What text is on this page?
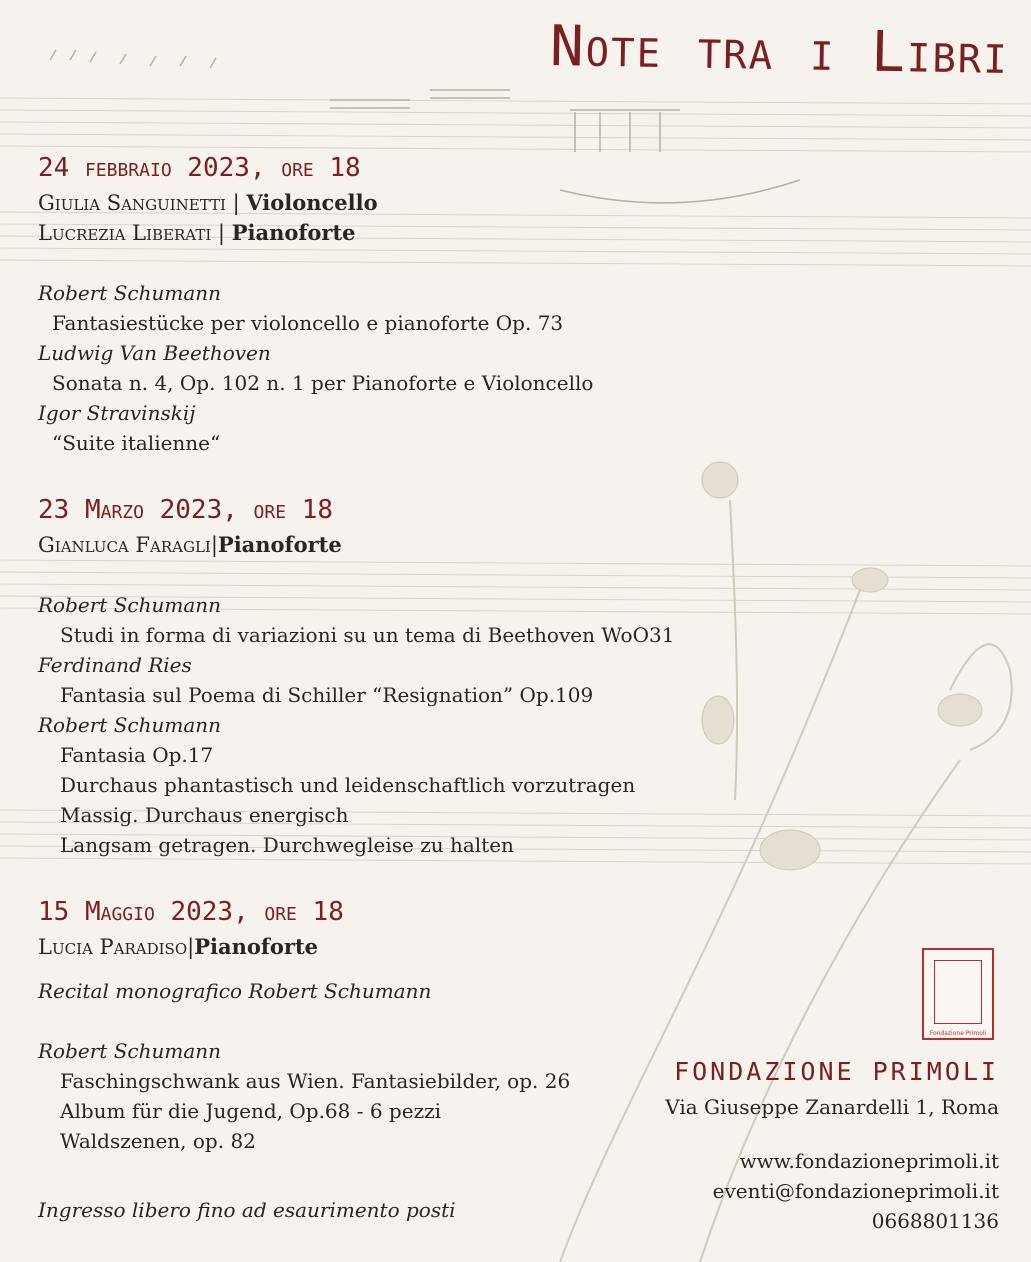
Note tra i Libri
24 febbraio 2023, ore 18
Giulia Sanguinetti | Violoncello
Lucrezia Liberati | Pianoforte
Robert Schumann
Fantasiestücke per violoncello e pianoforte Op. 73
Ludwig Van Beethoven
Sonata n. 4, Op. 102 n. 1 per Pianoforte e Violoncello
Igor Stravinskij
“Suite italienne“
23 Marzo 2023, ore 18
Gianluca Faragli|Pianoforte
Robert Schumann
Studi in forma di variazioni su un tema di Beethoven WoO31
Ferdinand Ries
Fantasia sul Poema di Schiller “Resignation” Op.109
Robert Schumann
Fantasia Op.17
Durchaus phantastisch und leidenschaftlich vorzutragen
Massig. Durchaus energisch
Langsam getragen. Durchwegleise zu halten
15 Maggio 2023, ore 18
Lucia Paradiso|Pianoforte
Recital monografico Robert Schumann
Robert Schumann
Faschingschwank aus Wien. Fantasiebilder, op. 26
Album für die Jugend, Op.68 - 6 pezzi
Waldszenen, op. 82
Ingresso libero fino ad esaurimento posti
Fondazione Primoli
FONDAZIONE PRIMOLI
Via Giuseppe Zanardelli 1, Roma
www.fondazioneprimoli.it
eventi@fondazioneprimoli.it
0668801136
